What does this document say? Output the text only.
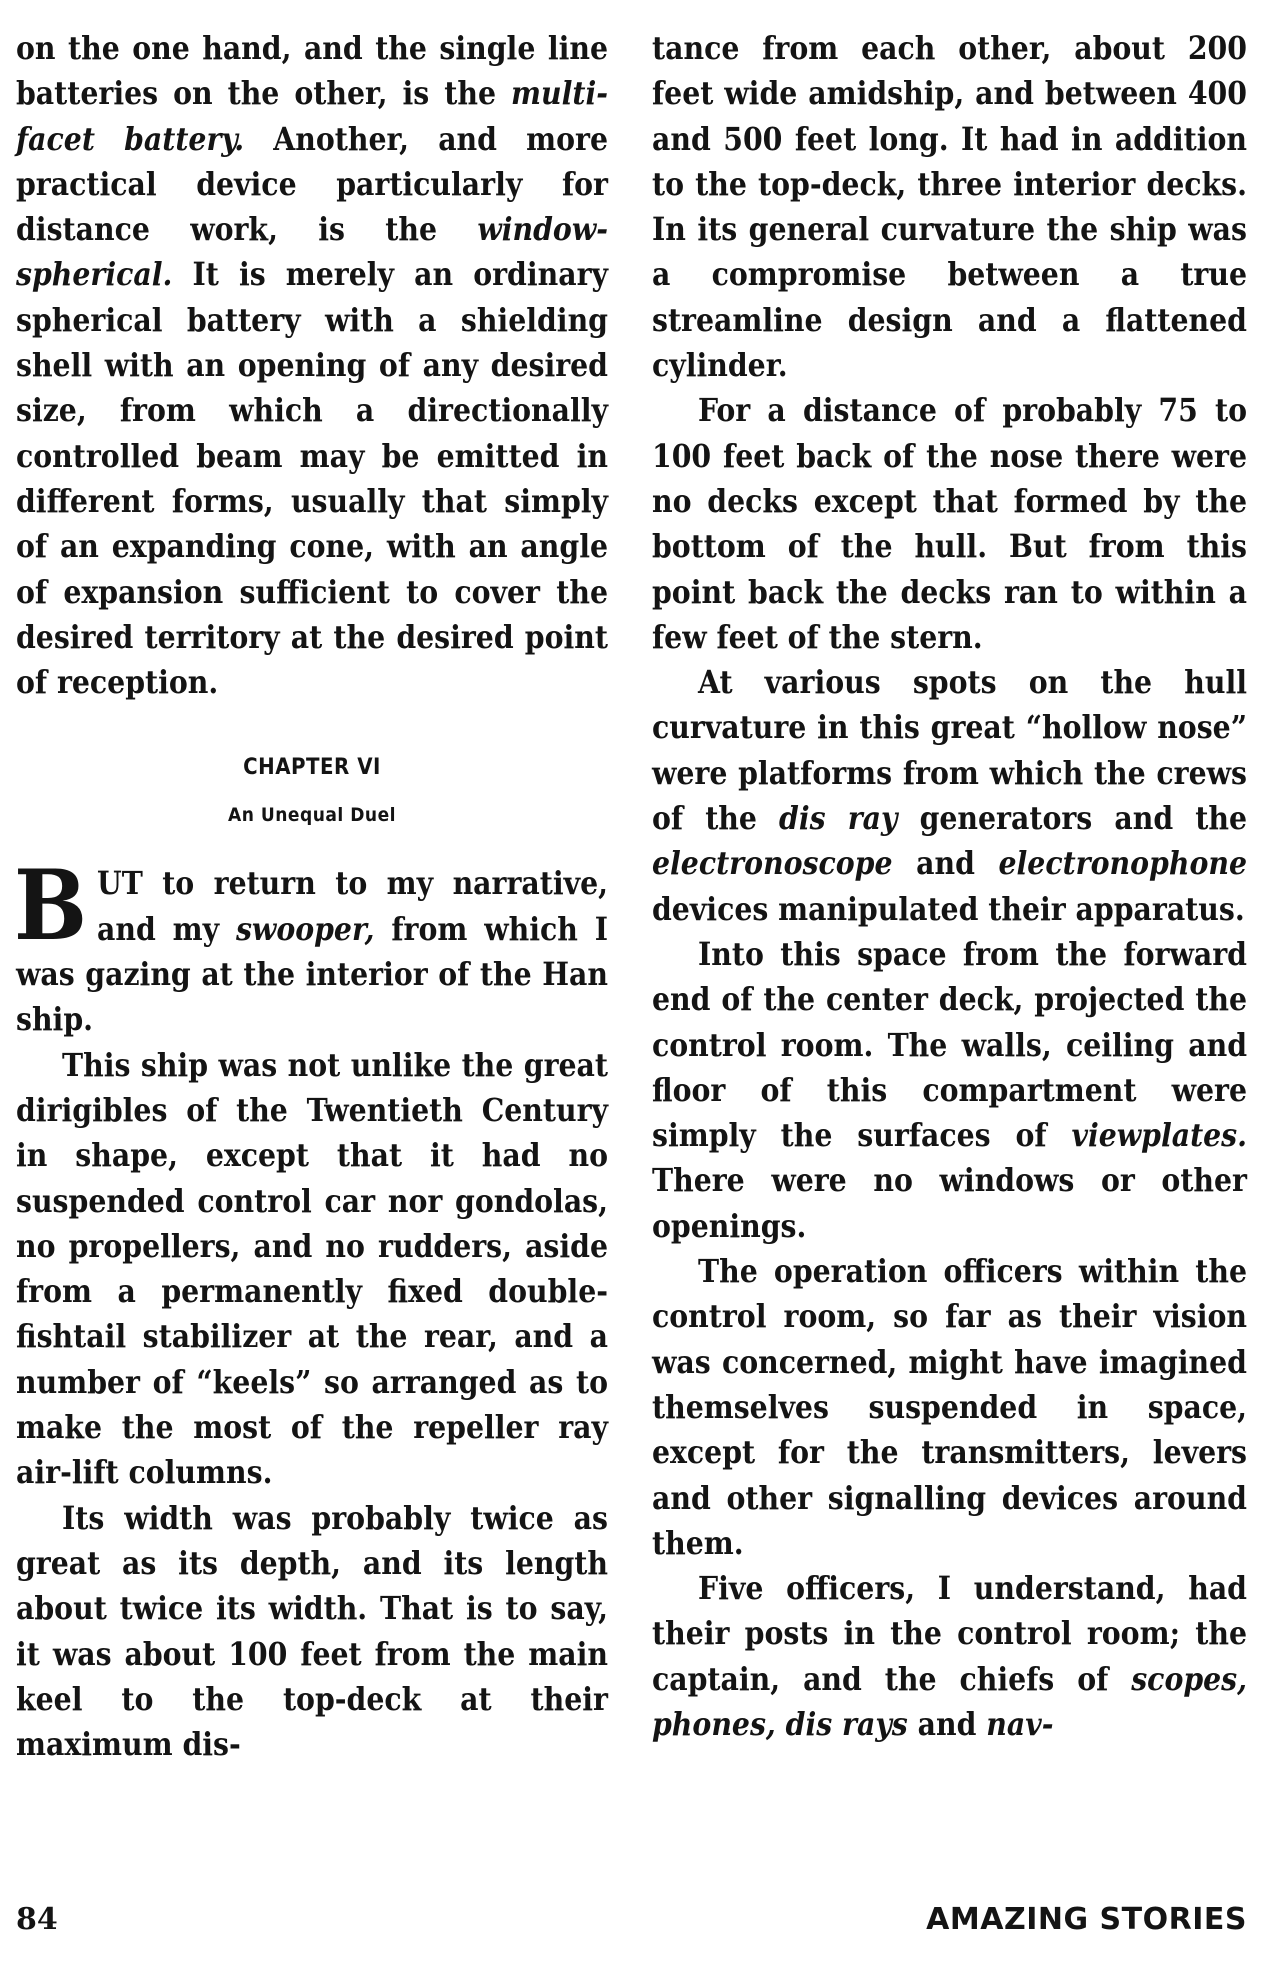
on the one hand, and the single line batteries on the other, is the multi-facet battery. Another, and more practical device particularly for distance work, is the window-spherical. It is merely an ordinary spherical battery with a shielding shell with an opening of any desired size, from which a directionally controlled beam may be emitted in different forms, usually that simply of an expanding cone, with an angle of expansion sufficient to cover the desired territory at the desired point of reception.

CHAPTER VI
An Unequal Duel

BUT to return to my narrative, and my swooper, from which I was gazing at the interior of the Han ship.

This ship was not unlike the great dirigibles of the Twentieth Century in shape, except that it had no suspended control car nor gondolas, no propellers, and no rudders, aside from a permanently fixed double-fishtail stabilizer at the rear, and a number of “keels” so arranged as to make the most of the repeller ray air-lift columns.

Its width was probably twice as great as its depth, and its length about twice its width. That is to say, it was about 100 feet from the main keel to the top-deck at their maximum dis-

tance from each other, about 200 feet wide amidship, and between 400 and 500 feet long. It had in addition to the top-deck, three interior decks. In its general curvature the ship was a compromise between a true streamline design and a flattened cylinder.

For a distance of probably 75 to 100 feet back of the nose there were no decks except that formed by the bottom of the hull. But from this point back the decks ran to within a few feet of the stern.

At various spots on the hull curvature in this great “hollow nose” were platforms from which the crews of the dis ray generators and the electronoscope and electronophone devices manipulated their apparatus.

Into this space from the forward end of the center deck, projected the control room. The walls, ceiling and floor of this compartment were simply the surfaces of viewplates. There were no windows or other openings.

The operation officers within the control room, so far as their vision was concerned, might have imagined themselves suspended in space, except for the transmitters, levers and other signalling devices around them.

Five officers, I understand, had their posts in the control room; the captain, and the chiefs of scopes, phones, dis rays and nav-

84	AMAZING STORIES
